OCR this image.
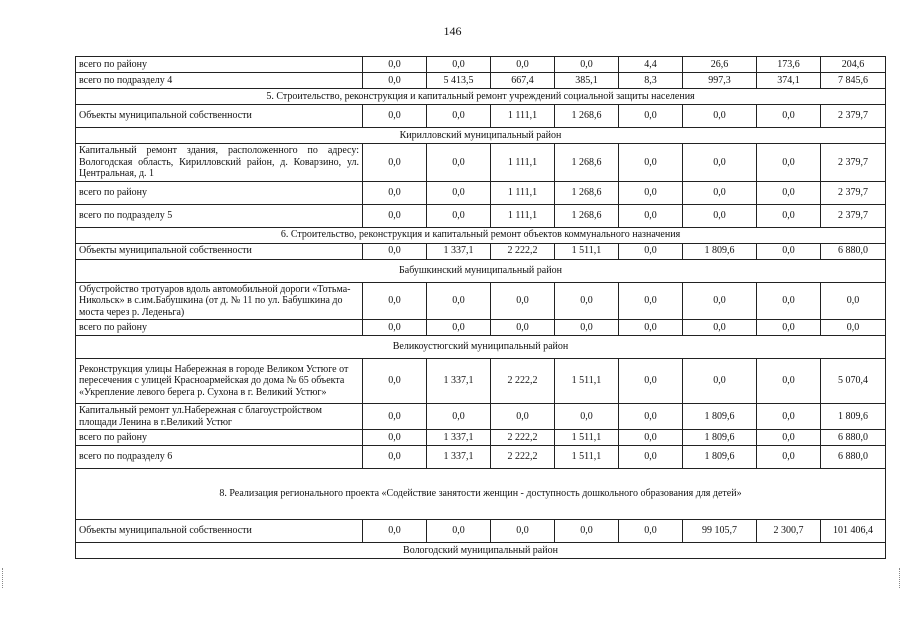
146
всего по району	0,0	0,0	0,0	0,0	4,4	26,6	173,6	204,6
всего по подразделу 4	0,0	5 413,5	667,4	385,1	8,3	997,3	374,1	7 845,6
5. Строительство, реконструкция и капитальный ремонт учреждений социальной защиты населения								
Объекты муниципальной собственности	0,0	0,0	1 111,1	1 268,6	0,0	0,0	0,0	2 379,7
Кирилловский муниципальный район								
Капитальный ремонт здания, расположенного по адресу: Вологодская область, Кирилловский район, д. Коварзино, ул. Центральная, д. 1	0,0	0,0	1 111,1	1 268,6	0,0	0,0	0,0	2 379,7
всего по району	0,0	0,0	1 111,1	1 268,6	0,0	0,0	0,0	2 379,7
всего по подразделу 5	0,0	0,0	1 111,1	1 268,6	0,0	0,0	0,0	2 379,7
6. Строительство, реконструкция и капитальный ремонт объектов коммунального назначения								
Объекты муниципальной собственности	0,0	1 337,1	2 222,2	1 511,1	0,0	1 809,6	0,0	6 880,0
Бабушкинский муниципальный район								
Обустройство тротуаров вдоль автомобильной дороги «Тотьма-Никольск» в с.им.Бабушкина (от д. № 11 по ул. Бабушкина до моста через р. Леденьга)	0,0	0,0	0,0	0,0	0,0	0,0	0,0	0,0
всего по району	0,0	0,0	0,0	0,0	0,0	0,0	0,0	0,0
Великоустюгский муниципальный район								
Реконструкция улицы Набережная в городе Великом Устюге от пересечения с улицей Красноармейская до дома № 65 объекта «Укрепление левого берега р. Сухона в г. Великий Устюг»	0,0	1 337,1	2 222,2	1 511,1	0,0	0,0	0,0	5 070,4
Капитальный ремонт ул.Набережная с благоустройством площади Ленина в г.Великий Устюг	0,0	0,0	0,0	0,0	0,0	1 809,6	0,0	1 809,6
всего по району	0,0	1 337,1	2 222,2	1 511,1	0,0	1 809,6	0,0	6 880,0
всего по подразделу 6	0,0	1 337,1	2 222,2	1 511,1	0,0	1 809,6	0,0	6 880,0
8. Реализация регионального проекта «Содействие занятости женщин - доступность дошкольного образования для детей»								
Объекты муниципальной собственности	0,0	0,0	0,0	0,0	0,0	99 105,7	2 300,7	101 406,4
Вологодский муниципальный район								
